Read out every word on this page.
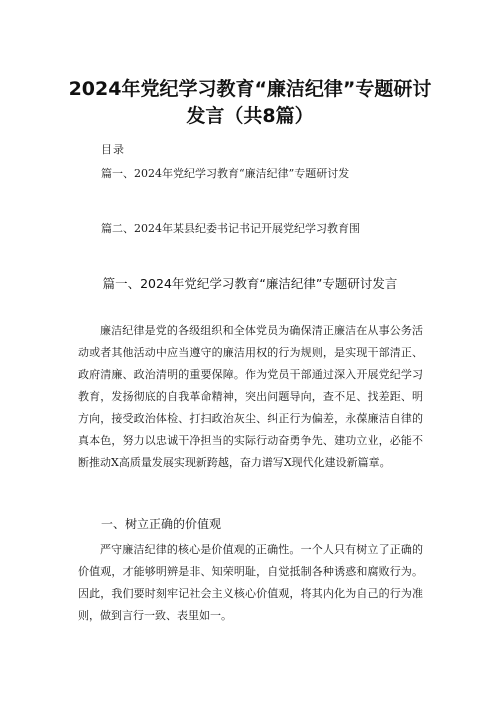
2024年党纪学习教育“廉洁纪律”专题研讨
发言（共8篇）
目录
篇一、2024年党纪学习教育“廉洁纪律”专题研讨发
篇二、2024年某县纪委书记书记开展党纪学习教育围
篇一、2024年党纪学习教育“廉洁纪律”专题研讨发言

廉洁纪律是党的各级组织和全体党员为确保清正廉洁在从事公务活动或者其他活动中应当遵守的廉洁用权的行为规则，是实现干部清正、政府清廉、政治清明的重要保障。作为党员干部通过深入开展党纪学习教育，发扬彻底的自我革命精神，突出问题导向，查不足、找差距、明方向，接受政治体检、打扫政治灰尘、纠正行为偏差，永葆廉洁自律的真本色，努力以忠诚干净担当的实际行动奋勇争先、建功立业，必能不断推动X高质量发展实现新跨越，奋力谱写X现代化建设新篇章。

一、树立正确的价值观

严守廉洁纪律的核心是价值观的正确性。一个人只有树立了正确的价值观，才能够明辨是非、知荣明耻，自觉抵制各种诱惑和腐败行为。因此，我们要时刻牢记社会主义核心价值观，将其内化为自己的行为准则，做到言行一致、表里如一。
